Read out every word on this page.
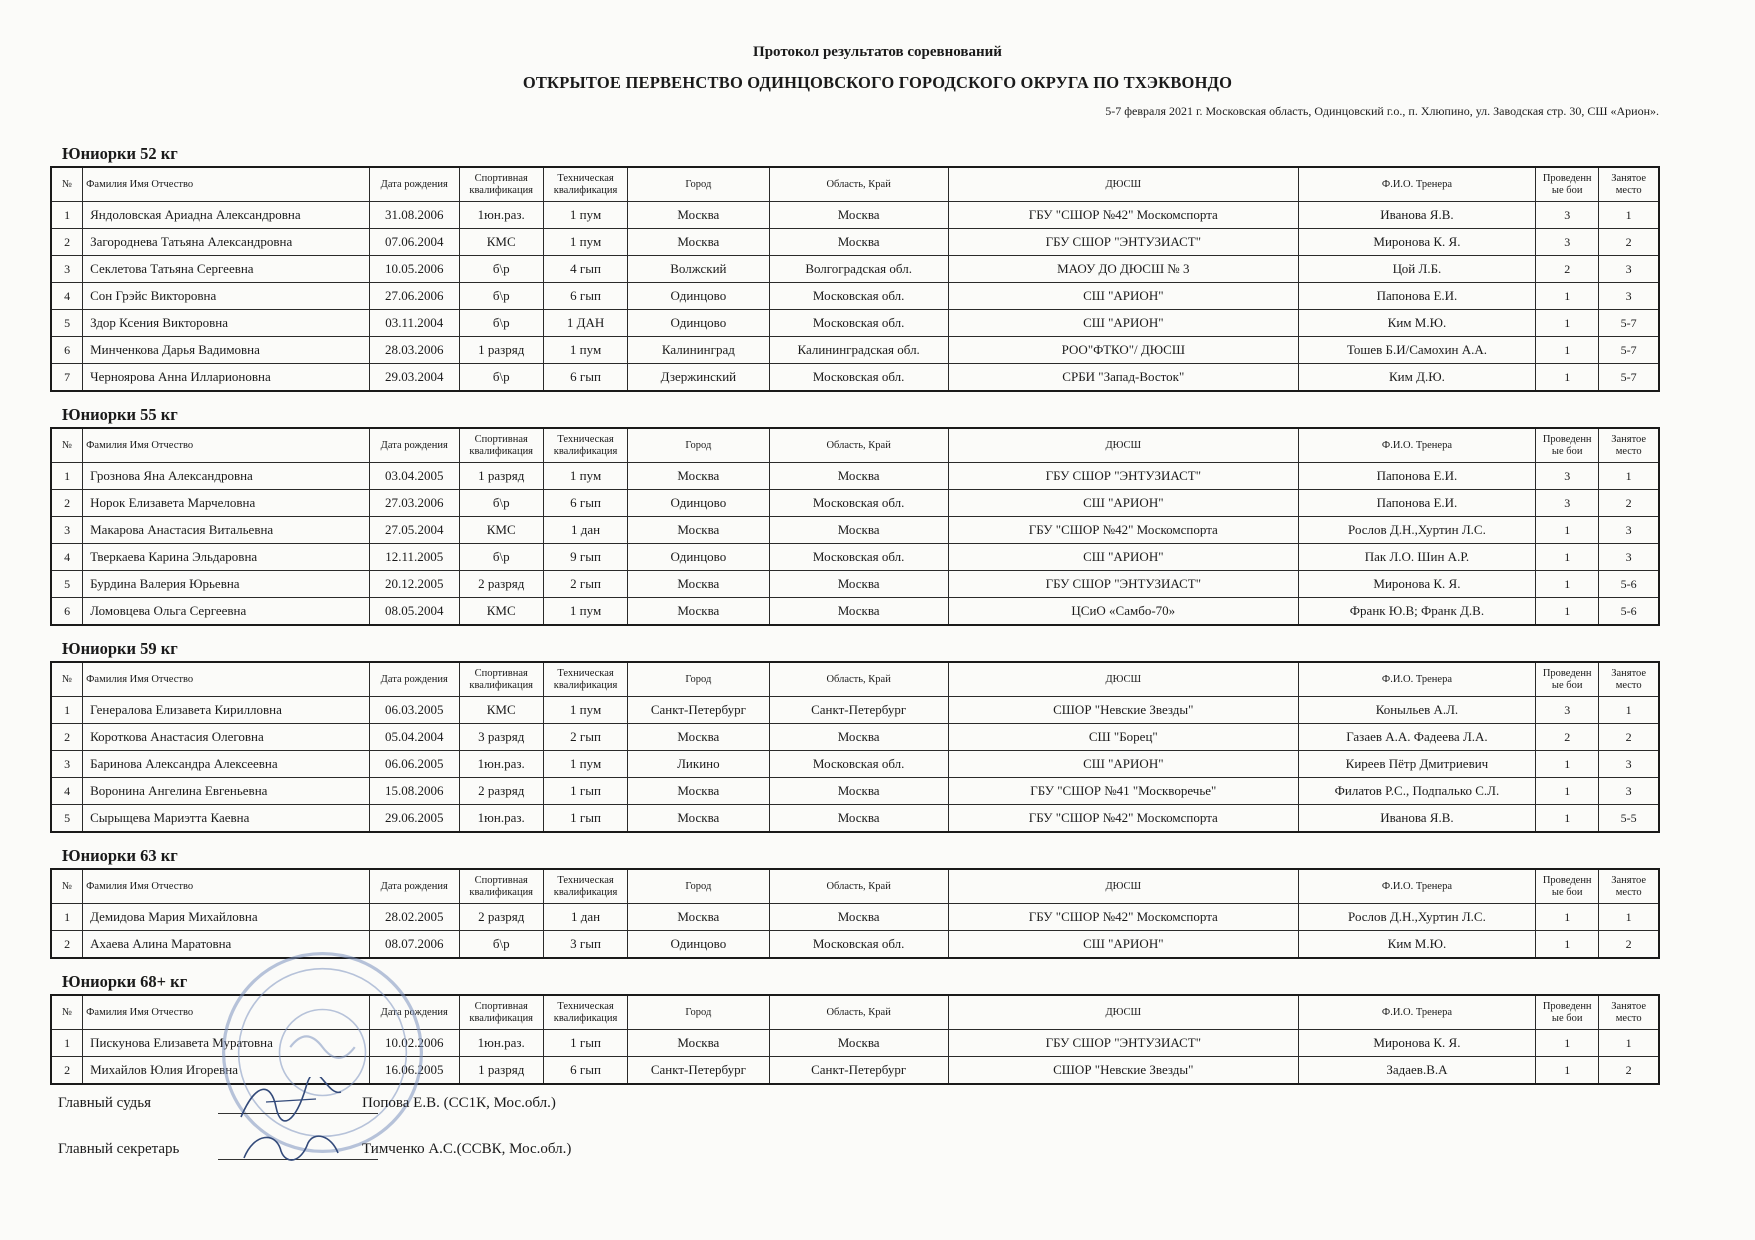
Протокол результатов соревнований
ОТКРЫТОЕ ПЕРВЕНСТВО ОДИНЦОВСКОГО ГОРОДСКОГО ОКРУГА ПО ТХЭКВОНДО
5-7 февраля 2021 г. Московская область, Одинцовский г.о., п. Хлюпино, ул. Заводская стр. 30, СШ «Арион».
Юниорки 52 кг
№	Фамилия Имя Отчество	Дата рождения	Спортивная квалификация	Техническая квалификация	Город	Область, Край	ДЮСШ	Ф.И.О. Тренера	Проведенн ые бои	Занятое место
1	Яндоловская Ариадна Александровна	31.08.2006	1юн.раз.	1 пум	Москва	Москва	ГБУ "СШОР №42" Москомспорта	Иванова Я.В.	3	1
2	Загороднева Татьяна Александровна	07.06.2004	КМС	1 пум	Москва	Москва	ГБУ СШОР "ЭНТУЗИАСТ"	Миронова К. Я.	3	2
3	Секлетова Татьяна Сергеевна	10.05.2006	б\р	4 гып	Волжский	Волгоградская обл.	МАОУ ДО ДЮСШ № 3	Цой Л.Б.	2	3
4	Сон Грэйс Викторовна	27.06.2006	б\р	6 гып	Одинцово	Московская обл.	СШ "АРИОН"	Папонова Е.И.	1	3
5	Здор Ксения Викторовна	03.11.2004	б\р	1 ДАН	Одинцово	Московская обл.	СШ "АРИОН"	Ким М.Ю.	1	5-7
6	Минченкова Дарья Вадимовна	28.03.2006	1 разряд	1 пум	Калининград	Калининградская обл.	РОО"ФТКО"/ ДЮСШ	Тошев Б.И/Самохин А.А.	1	5-7
7	Черноярова Анна Илларионовна	29.03.2004	б\р	6 гып	Дзержинский	Московская обл.	СРБИ "Запад-Восток"	Ким Д.Ю.	1	5-7
Юниорки 55 кг
№	Фамилия Имя Отчество	Дата рождения	Спортивная квалификация	Техническая квалификация	Город	Область, Край	ДЮСШ	Ф.И.О. Тренера	Проведенн ые бои	Занятое место
1	Грознова Яна Александровна	03.04.2005	1 разряд	1 пум	Москва	Москва	ГБУ СШОР "ЭНТУЗИАСТ"	Папонова Е.И.	3	1
2	Норок Елизавета Марчеловна	27.03.2006	б\р	6 гып	Одинцово	Московская обл.	СШ "АРИОН"	Папонова Е.И.	3	2
3	Макарова Анастасия Витальевна	27.05.2004	КМС	1 дан	Москва	Москва	ГБУ "СШОР №42" Москомспорта	Рослов Д.Н.,Хуртин Л.С.	1	3
4	Тверкаева Карина Эльдаровна	12.11.2005	б\р	9 гып	Одинцово	Московская обл.	СШ "АРИОН"	Пак Л.О. Шин А.Р.	1	3
5	Бурдина Валерия Юрьевна	20.12.2005	2 разряд	2 гып	Москва	Москва	ГБУ СШОР "ЭНТУЗИАСТ"	Миронова К. Я.	1	5-6
6	Ломовцева Ольга Сергеевна	08.05.2004	КМС	1 пум	Москва	Москва	ЦСиО «Самбо-70»	Франк Ю.В; Франк Д.В.	1	5-6
Юниорки 59 кг
№	Фамилия Имя Отчество	Дата рождения	Спортивная квалификация	Техническая квалификация	Город	Область, Край	ДЮСШ	Ф.И.О. Тренера	Проведенн ые бои	Занятое место
1	Генералова Елизавета Кирилловна	06.03.2005	КМС	1 пум	Санкт-Петербург	Санкт-Петербург	СШОР "Невские Звезды"	Коныльев А.Л.	3	1
2	Короткова Анастасия Олеговна	05.04.2004	3 разряд	2 гып	Москва	Москва	СШ "Борец"	Газаев А.А. Фадеева Л.А.	2	2
3	Баринова Александра Алексеевна	06.06.2005	1юн.раз.	1 пум	Ликино	Московская обл.	СШ "АРИОН"	Киреев Пётр Дмитриевич	1	3
4	Воронина Ангелина Евгеньевна	15.08.2006	2 разряд	1 гып	Москва	Москва	ГБУ "СШОР №41 "Москворечье"	Филатов Р.С., Подпалько С.Л.	1	3
5	Сырыщева Мариэтта Каевна	29.06.2005	1юн.раз.	1 гып	Москва	Москва	ГБУ "СШОР №42" Москомспорта	Иванова Я.В.	1	5-5
Юниорки 63 кг
№	Фамилия Имя Отчество	Дата рождения	Спортивная квалификация	Техническая квалификация	Город	Область, Край	ДЮСШ	Ф.И.О. Тренера	Проведенн ые бои	Занятое место
1	Демидова Мария Михайловна	28.02.2005	2 разряд	1 дан	Москва	Москва	ГБУ "СШОР №42" Москомспорта	Рослов Д.Н.,Хуртин Л.С.	1	1
2	Ахаева Алина Маратовна	08.07.2006	б\р	3 гып	Одинцово	Московская обл.	СШ "АРИОН"	Ким М.Ю.	1	2
Юниорки 68+ кг
№	Фамилия Имя Отчество	Дата рождения	Спортивная квалификация	Техническая квалификация	Город	Область, Край	ДЮСШ	Ф.И.О. Тренера	Проведенн ые бои	Занятое место
1	Пискунова Елизавета Муратовна	10.02.2006	1юн.раз.	1 гып	Москва	Москва	ГБУ СШОР "ЭНТУЗИАСТ"	Миронова К. Я.	1	1
2	Михайлов Юлия Игоревна	16.06.2005	1 разряд	6 гып	Санкт-Петербург	Санкт-Петербург	СШОР "Невские Звезды"	Задаев.В.А	1	2
Главный судья	Попова Е.В. (СС1К, Мос.обл.)
Главный секретарь	Тимченко А.С.(ССВК, Мос.обл.)
